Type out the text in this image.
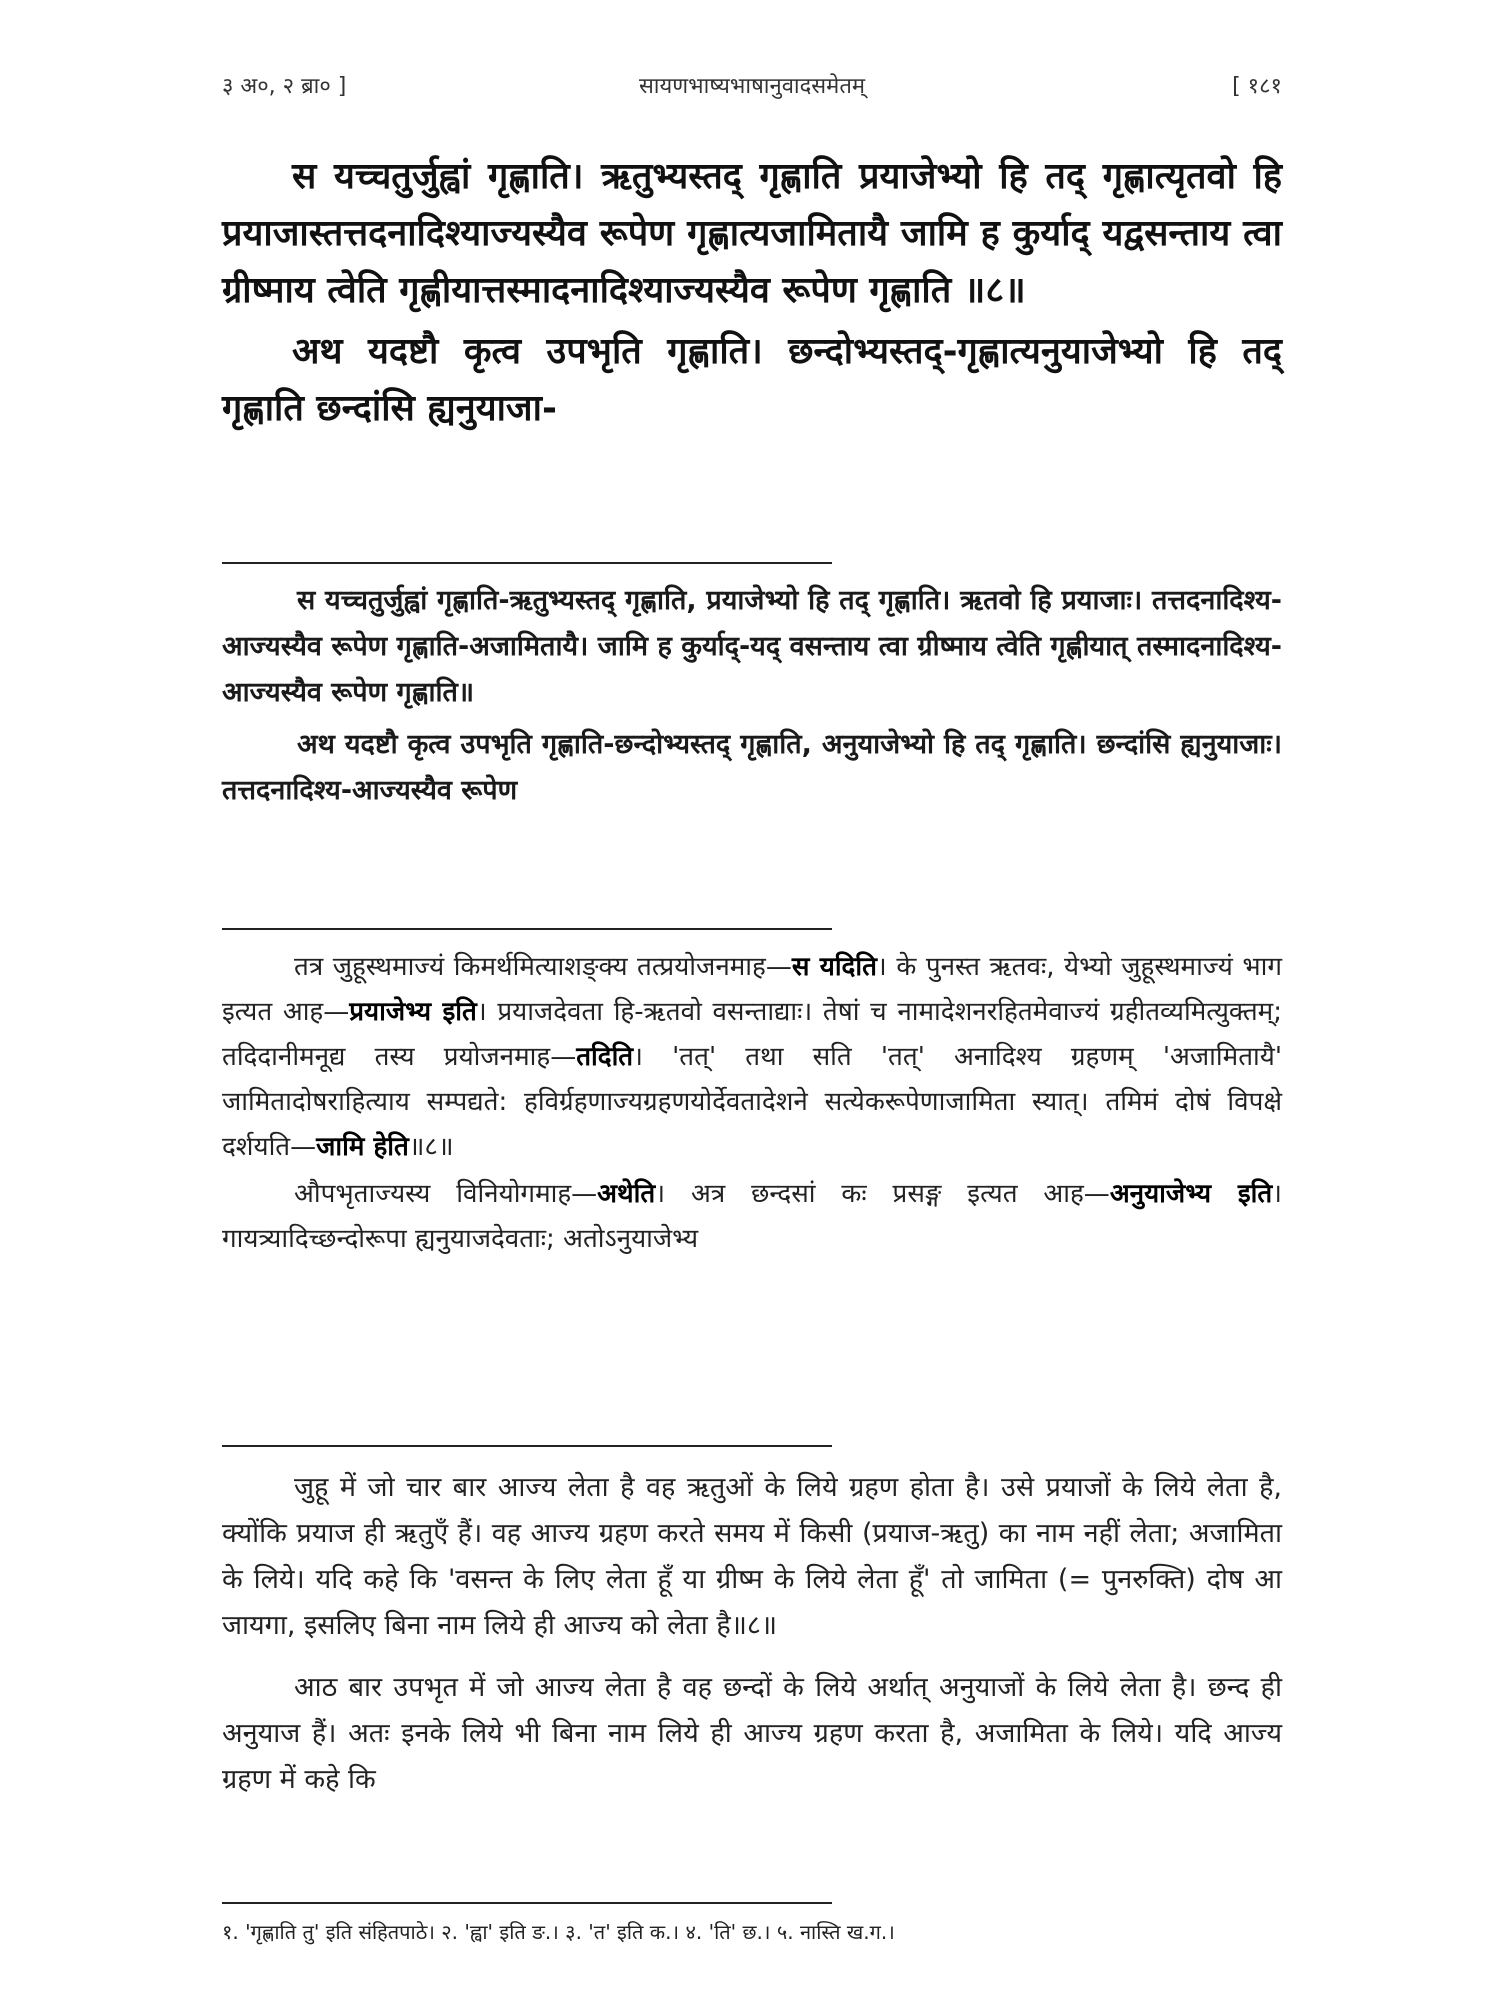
३ अ०, २ ब्रा० ]	सायणभाष्यभाषानुवादसमेतम्	[ १८१

स यच्चतुर्जुह्वां गृह्णाति। ऋतुभ्यस्तद् गृह्णाति प्रयाजेभ्यो हि तद् गृह्णात्यृतवो हि प्रयाजास्तत्तदनादिश्याज्यस्यैव रूपेण गृह्णात्यजामितायै जामि ह कुर्याद् यद्वसन्ताय त्वा ग्रीष्माय त्वेति गृह्णीयात्तस्मादनादिश्याज्यस्यैव रूपेण गृह्णाति ॥८॥

अथ यदष्टौ कृत्व उपभृति गृह्णाति। छन्दोभ्यस्तद्-गृह्णात्यनुयाजेभ्यो हि तद् गृह्णाति छन्दांसि ह्यनुयाजा-

स यच्चतुर्जुह्वां गृह्णाति-ऋतुभ्यस्तद् गृह्णाति, प्रयाजेभ्यो हि तद् गृह्णाति। ऋतवो हि प्रयाजाः। तत्तदनादिश्य-आज्यस्यैव रूपेण गृह्णाति-अजामितायै। जामि ह कुर्याद्-यद् वसन्ताय त्वा ग्रीष्माय त्वेति गृह्णीयात् तस्मादनादिश्य-आज्यस्यैव रूपेण गृह्णाति॥

अथ यदष्टौ कृत्व उपभृति गृह्णाति-छन्दोभ्यस्तद् गृह्णाति, अनुयाजेभ्यो हि तद् गृह्णाति। छन्दांसि ह्यनुयाजाः। तत्तदनादिश्य-आज्यस्यैव रूपेण

तत्र जुहूस्थमाज्यं किमर्थमित्याशङ्क्य तत्प्रयोजनमाह—स यदिति। के पुनस्त ऋतवः, येभ्यो जुहूस्थमाज्यं भाग इत्यत आह—प्रयाजेभ्य इति। प्रयाजदेवता हि-ऋतवो वसन्ताद्याः। तेषां च नामादेशनरहितमेवाज्यं ग्रहीतव्यमित्युक्तम्; तदिदानीमनूद्य तस्य प्रयोजनमाह—तदिति। 'तत्' तथा सति 'तत्' अनादिश्य ग्रहणम् 'अजामितायै' जामितादोषराहित्याय सम्पद्यते: हविर्ग्रहणाज्यग्रहणयोर्देवतादेशने सत्येकरूपेणाजामिता स्यात्। तमिमं दोषं विपक्षे दर्शयति—जामि हेति॥८॥

औपभृताज्यस्य विनियोगमाह—अथेति। अत्र छन्दसां कः प्रसङ्ग इत्यत आह—अनुयाजेभ्य इति। गायत्र्यादिच्छन्दोरूपा ह्यनुयाजदेवताः; अतोऽनुयाजेभ्य

जुहू में जो चार बार आज्य लेता है वह ऋतुओं के लिये ग्रहण होता है। उसे प्रयाजों के लिये लेता है, क्योंकि प्रयाज ही ऋतुएँ हैं। वह आज्य ग्रहण करते समय में किसी (प्रयाज-ऋतु) का नाम नहीं लेता; अजामिता के लिये। यदि कहे कि 'वसन्त के लिए लेता हूँ या ग्रीष्म के लिये लेता हूँ' तो जामिता (= पुनरुक्ति) दोष आ जायगा, इसलिए बिना नाम लिये ही आज्य को लेता है॥८॥

आठ बार उपभृत में जो आज्य लेता है वह छन्दों के लिये अर्थात् अनुयाजों के लिये लेता है। छन्द ही अनुयाज हैं। अतः इनके लिये भी बिना नाम लिये ही आज्य ग्रहण करता है, अजामिता के लिये। यदि आज्य ग्रहण में कहे कि

१. 'गृह्णाति तु' इति संहितपाठे। २. 'ह्वा' इति ङ.। ३. 'त' इति क.। ४. 'ति' छ.। ५. नास्ति ख.ग.।
